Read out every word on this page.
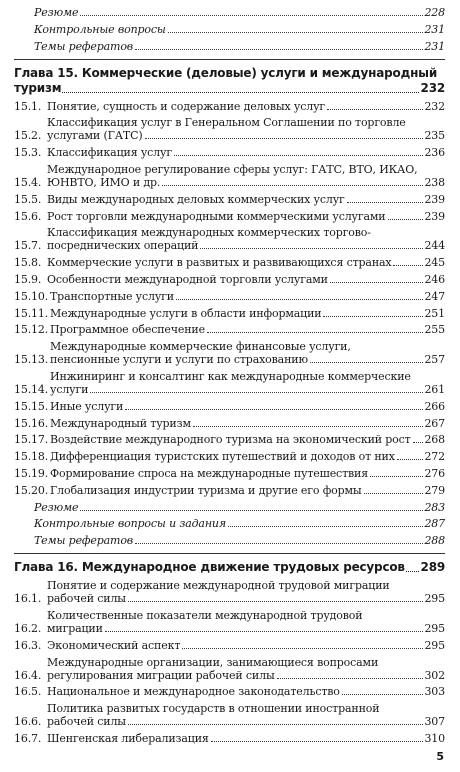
Резюме	228
Контрольные вопросы	231
Темы рефератов	231
Глава 15. Коммерческие (деловые) услуги и международный
туризм	232
15.1. Понятие, сущность и содержание деловых услуг	232
15.2.
Классификация услуг в Генеральном Соглашении по торговле
услугами (ГАТС)	235
15.3. Классификация услуг	236
15.4.
Международное регулирование сферы услуг: ГАТС, ВТО, ИКАО,
ЮНВТО, ИМО и др.	238
15.5. Виды международных деловых коммерческих услуг	239
15.6. Рост торговли международными коммерческими услугами	239
15.7.
Классификация международных коммерческих торгово-
посреднических операций	244
15.8. Коммерческие услуги в развитых и развивающихся странах	245
15.9. Особенности международной торговли услугами	246
15.10. Транспортные услуги	247
15.11. Международные услуги в области информации	251
15.12. Программное обеспечение	255
15.13.
Международные коммерческие финансовые услуги,
пенсионные услуги и услуги по страхованию	257
15.14.
Инжиниринг и консалтинг как международные коммерческие
услуги	261
15.15. Иные услуги	266
15.16. Международный туризм	267
15.17. Воздействие международного туризма на экономический рост 268
15.18. Дифференциация туристских путешествий и доходов от них	272
15.19. Формирование спроса на международные путешествия	276
15.20. Глобализация индустрии туризма и другие его формы	279
Резюме	283
Контрольные вопросы и задания	287
Темы рефератов	288
Глава 16. Международное движение трудовых ресурсов 289
16.1.
Понятие и содержание международной трудовой миграции
рабочей силы	295
16.2.
Количественные показатели международной трудовой
миграции	295
16.3. Экономический аспект	295
16.4.
Международные организации, занимающиеся вопросами
регулирования миграции рабочей силы	302
16.5. Национальное и международное законодательство	303
16.6.
Политика развитых государств в отношении иностранной
рабочей силы	307
16.7. Шенгенская либерализация	310
5
